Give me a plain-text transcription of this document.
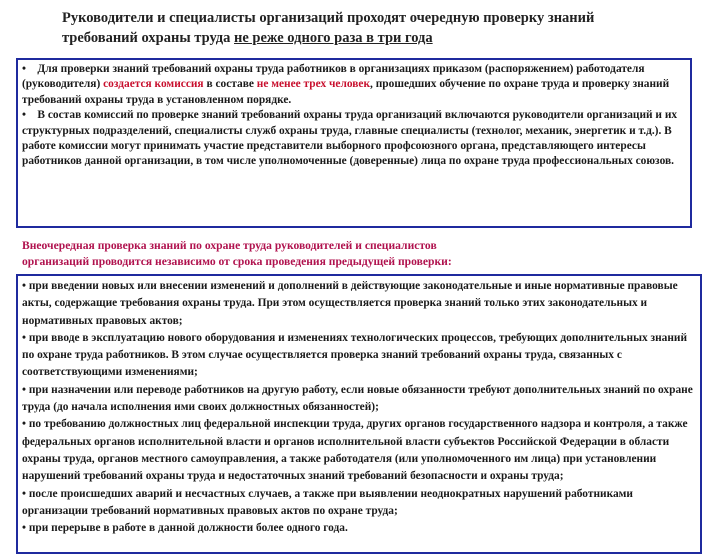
Руководители и специалисты организаций проходят очередную проверку знаний
требований охраны труда не реже одного раза в три года

• Для проверки знаний требований охраны труда работников в организациях приказом (распоряжением) работодателя (руководителя) создается комиссия в составе не менее трех человек, прошедших обучение по охране труда и проверку знаний требований охраны труда в установленном порядке.

• В состав комиссий по проверке знаний требований охраны труда организаций включаются руководители организаций и их структурных подразделений, специалисты служб охраны труда, главные специалисты (технолог, механик, энергетик и т.д.). В работе комиссии могут принимать участие представители выборного профсоюзного органа, представляющего интересы работников данной организации, в том числе уполномоченные (доверенные) лица по охране труда профессиональных союзов.

Внеочередная проверка знаний по охране труда руководителей и специалистов
организаций проводится независимо от срока проведения предыдущей проверки:

• при введении новых или внесении изменений и дополнений в действующие законодательные и иные нормативные правовые акты, содержащие требования охраны труда. При этом осуществляется проверка знаний только этих законодательных и нормативных правовых актов;

• при вводе в эксплуатацию нового оборудования и изменениях технологических процессов, требующих дополнительных знаний по охране труда работников. В этом случае осуществляется проверка знаний требований охраны труда, связанных с соответствующими изменениями;

• при назначении или переводе работников на другую работу, если новые обязанности требуют дополнительных знаний по охране труда (до начала исполнения ими своих должностных обязанностей);

• по требованию должностных лиц федеральной инспекции труда, других органов государственного надзора и контроля, а также федеральных органов исполнительной власти и органов исполнительной власти субъектов Российской Федерации в области охраны труда, органов местного самоуправления, а также работодателя (или уполномоченного им лица) при установлении нарушений требований охраны труда и недостаточных знаний требований безопасности и охраны труда;

• после происшедших аварий и несчастных случаев, а также при выявлении неоднократных нарушений работниками организации требований нормативных правовых актов по охране труда;

• при перерыве в работе в данной должности более одного года.
